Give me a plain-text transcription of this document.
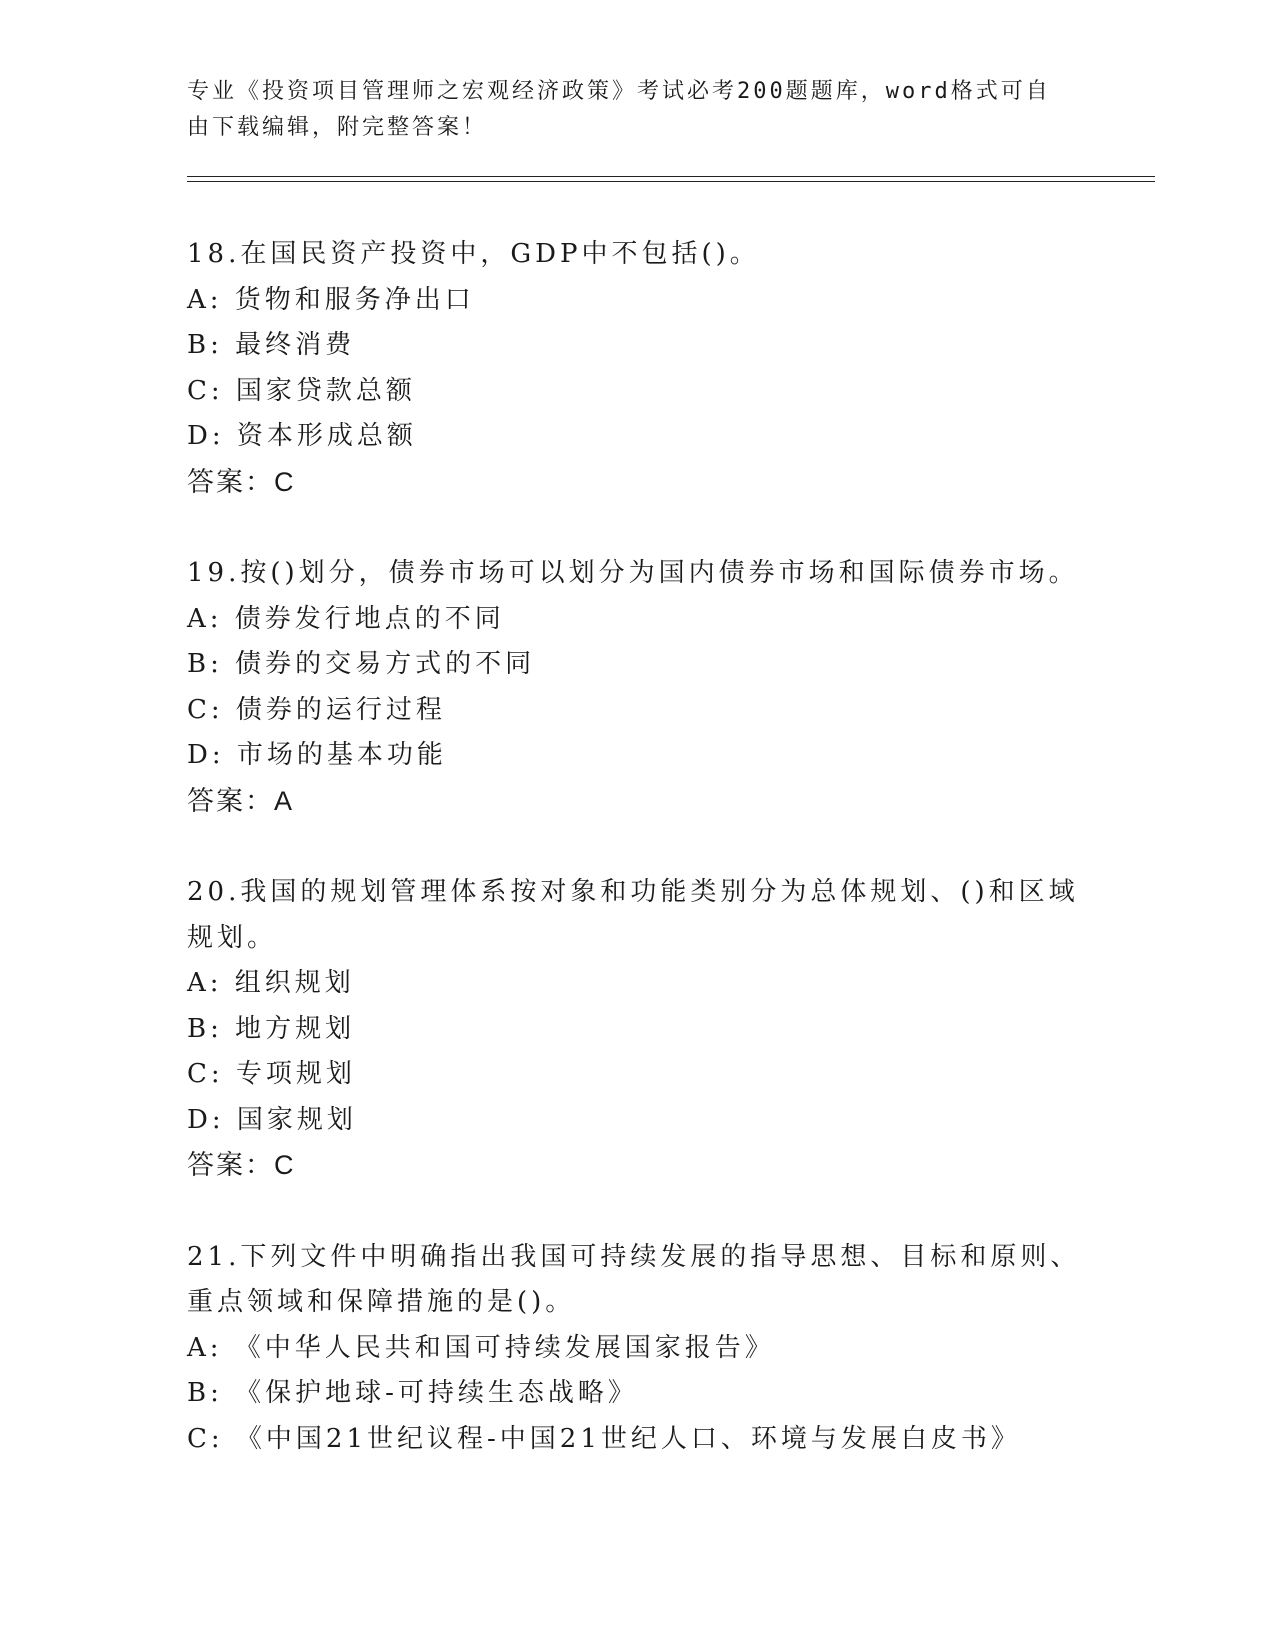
专业《投资项目管理师之宏观经济政策》考试必考200题题库，word格式可自由下载编辑，附完整答案！
18.在国民资产投资中，GDP中不包括()。
A: 货物和服务净出口
B: 最终消费
C: 国家贷款总额
D: 资本形成总额
答案：C
19.按()划分，债券市场可以划分为国内债券市场和国际债券市场。
A: 债券发行地点的不同
B: 债券的交易方式的不同
C: 债券的运行过程
D: 市场的基本功能
答案：A
20.我国的规划管理体系按对象和功能类别分为总体规划、()和区域规划。
A: 组织规划
B: 地方规划
C: 专项规划
D: 国家规划
答案：C
21.下列文件中明确指出我国可持续发展的指导思想、目标和原则、重点领域和保障措施的是()。
A: 《中华人民共和国可持续发展国家报告》
B: 《保护地球-可持续生态战略》
C: 《中国21世纪议程-中国21世纪人口、环境与发展白皮书》
